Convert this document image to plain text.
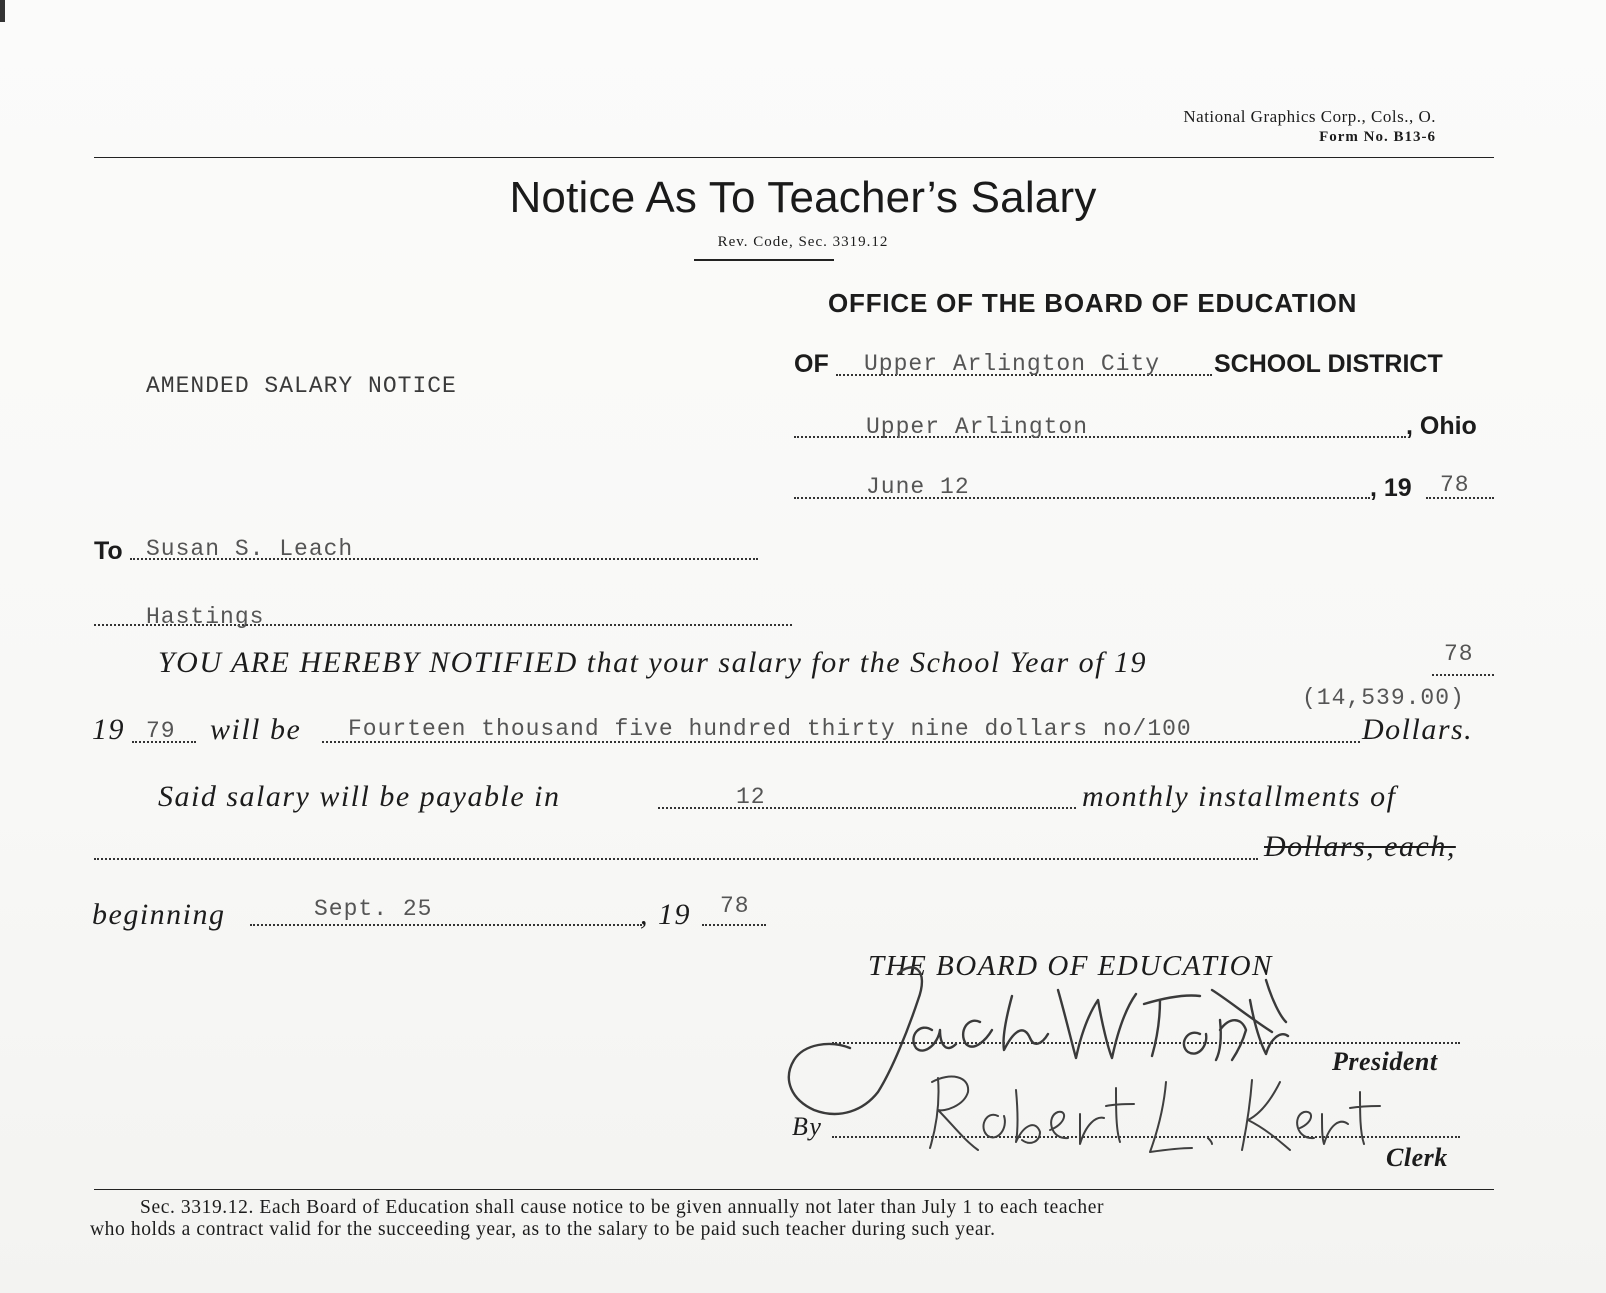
National Graphics Corp., Cols., O.
Form No. B13-6
Notice As To Teacher’s Salary
Rev. Code, Sec. 3319.12
OFFICE OF THE BOARD OF EDUCATION
AMENDED SALARY NOTICE
OF Upper Arlington City SCHOOL DISTRICT
Upper Arlington	, Ohio
June 12	, 19 78
To Susan S. Leach
Hastings
YOU ARE HEREBY NOTIFIED that your salary for the School Year of 19	78
(14,539.00)
19 79 will be Fourteen thousand five hundred thirty nine dollars no/100	Dollars.
Said salary will be payable in	12	monthly installments of
Dollars, each,
beginning	Sept. 25	, 19 78
THE BOARD OF EDUCATION
President
By
Clerk
Sec. 3319.12. Each Board of Education shall cause notice to be given annually not later than July 1 to each teacher
who holds a contract valid for the succeeding year, as to the salary to be paid such teacher during such year.
